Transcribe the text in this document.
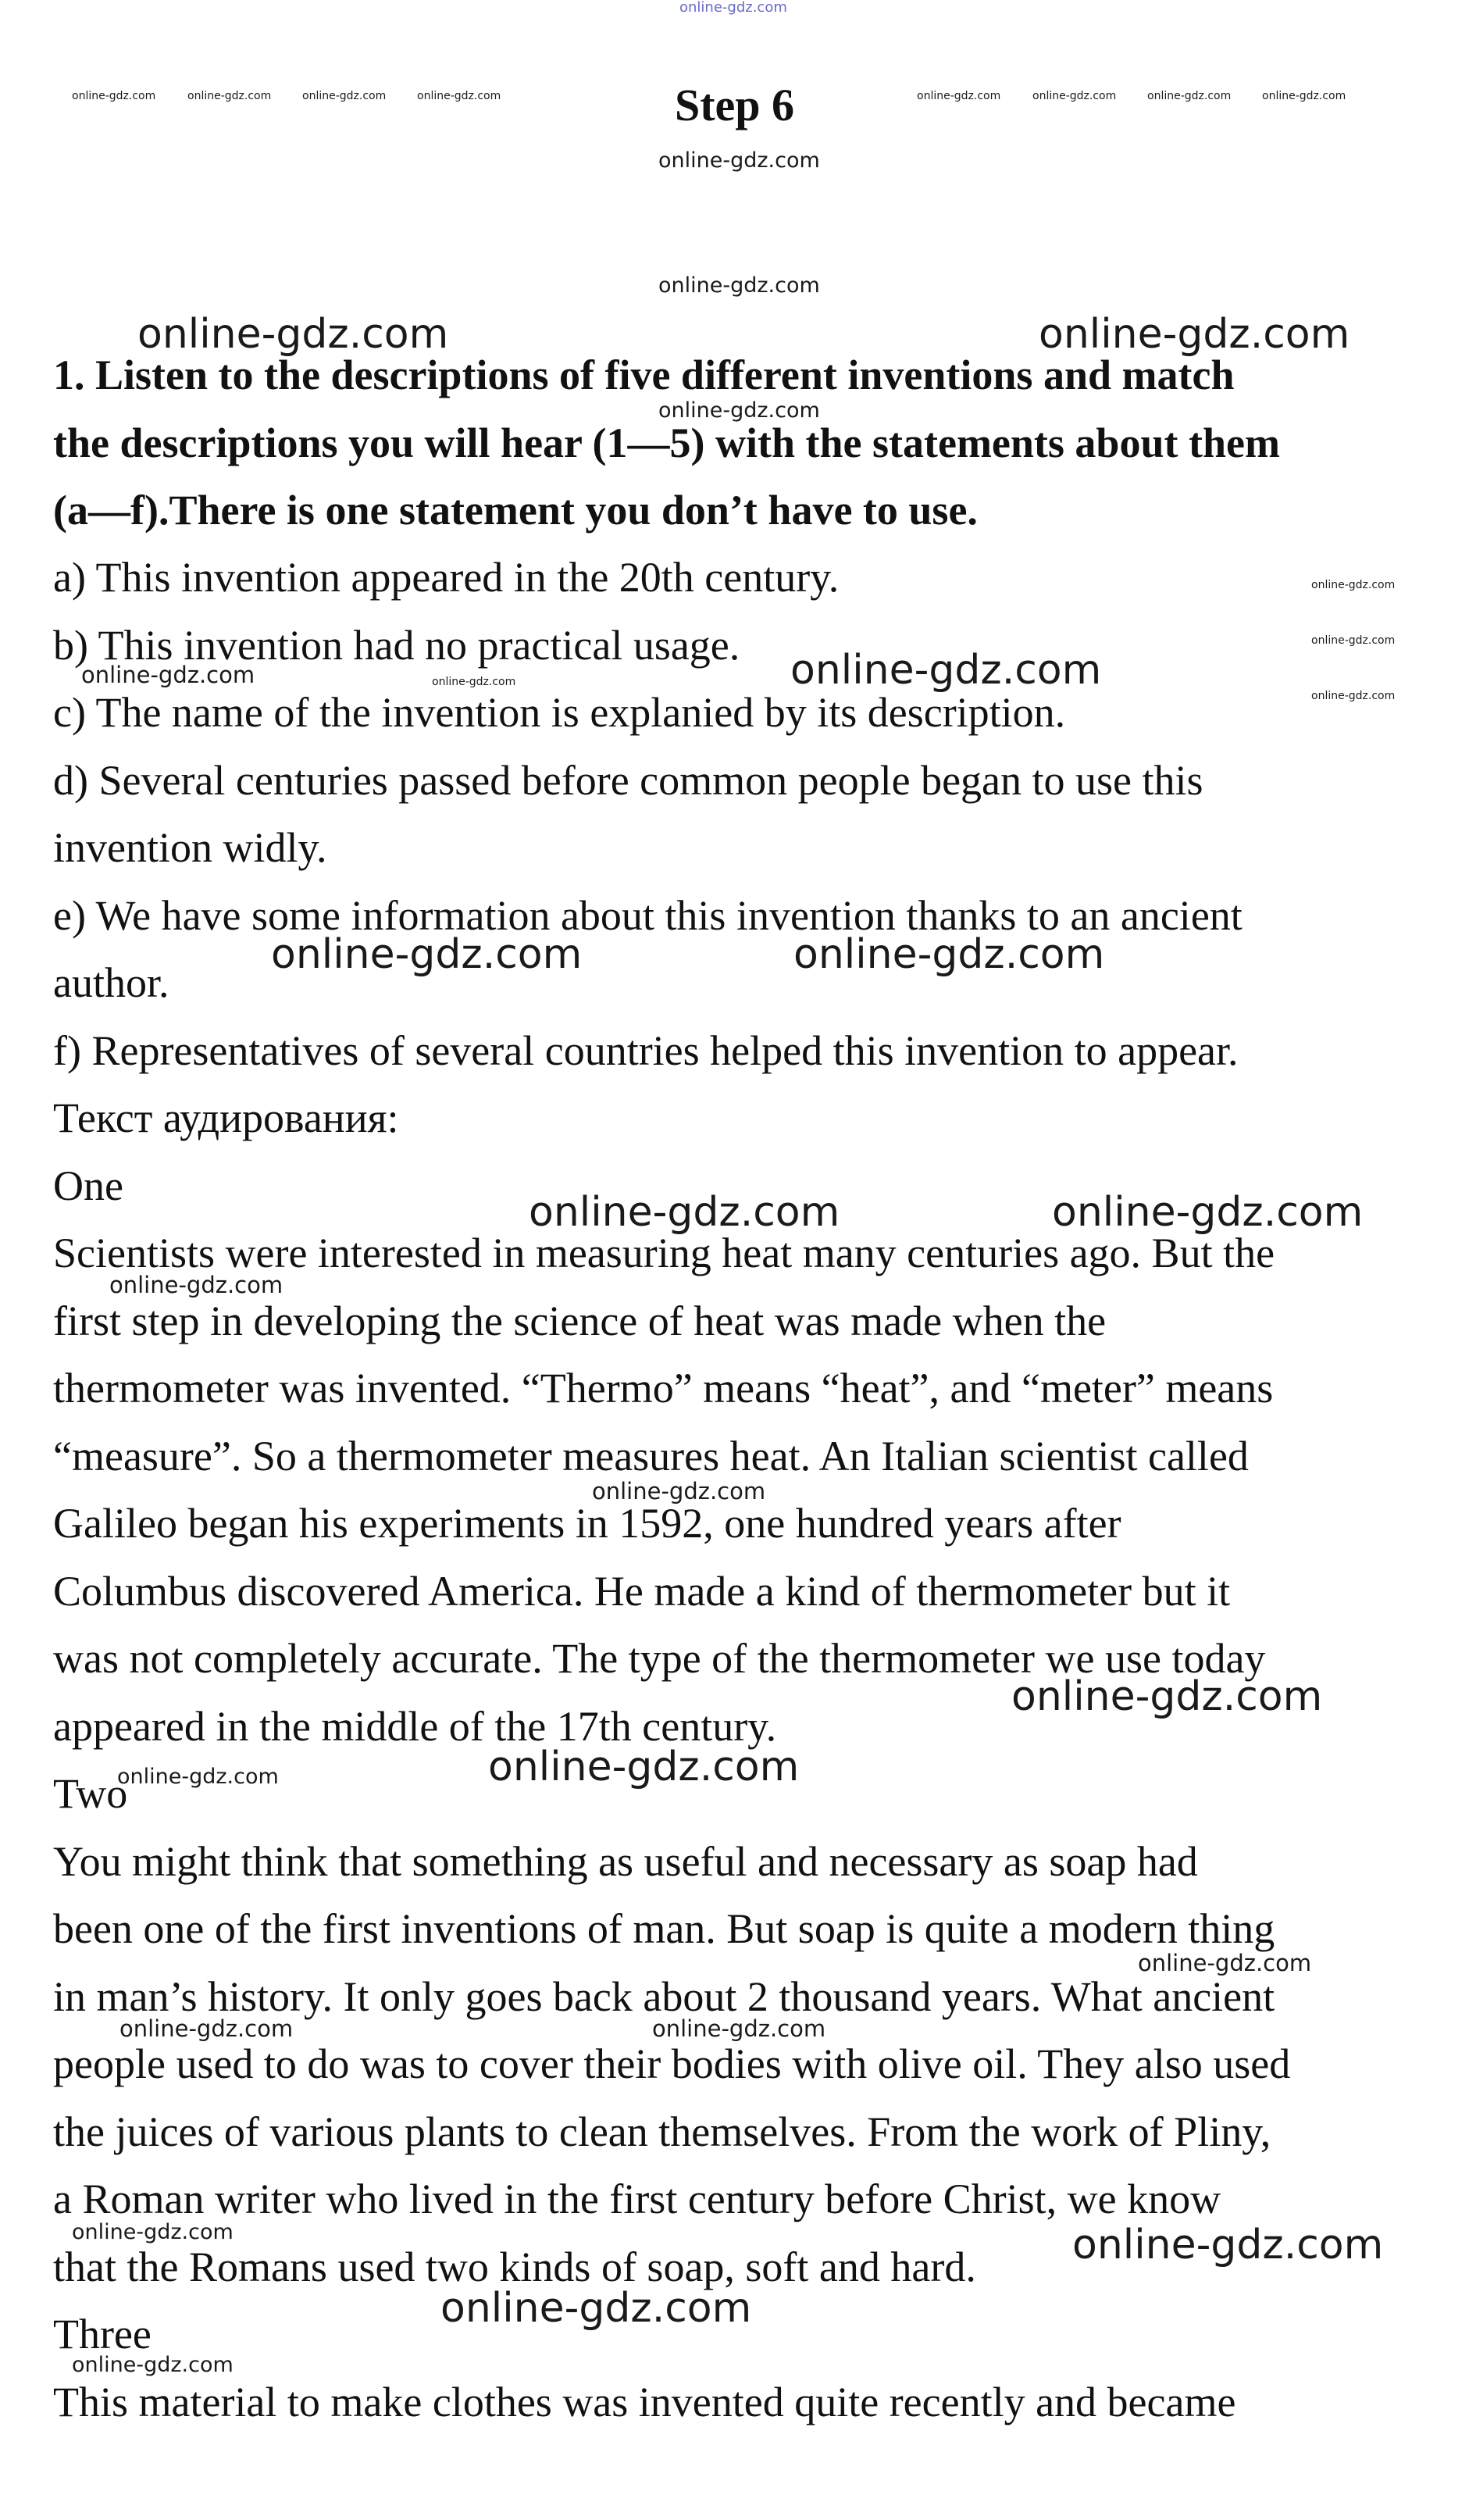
online-gdz.com
online-gdz.com	online-gdz.com	online-gdz.com	online-gdz.com	online-gdz.com	online-gdz.com	online-gdz.com	online-gdz.com
online-gdz.com
online-gdz.com
online-gdz.com	online-gdz.com
online-gdz.com
online-gdz.com
online-gdz.com
online-gdz.com
online-gdz.com
online-gdz.com	online-gdz.com
online-gdz.com	online-gdz.com
online-gdz.com	online-gdz.com
online-gdz.com
online-gdz.com
online-gdz.com
online-gdz.com
online-gdz.com
online-gdz.com
online-gdz.com	online-gdz.com
online-gdz.com	online-gdz.com
online-gdz.com
online-gdz.com
Step 6
1. Listen to the descriptions of five different inventions and match
the descriptions you will hear (1—5) with the statements about them
(a—f).There is one statement you don’t have to use.
a) This invention appeared in the 20th century.
b) This invention had no practical usage.
c) The name of the invention is explanied by its description.
d) Several centuries passed before common people began to use this
invention widly.
e) We have some information about this invention thanks to an ancient
author.
f) Representatives of several countries helped this invention to appear.
Текст аудирования:
One
Scientists were interested in measuring heat many centuries ago. But the
first step in developing the science of heat was made when the
thermometer was invented. “Thermo” means “heat”, and “meter” means
“measure”. So a thermometer measures heat. An Italian scientist called
Galileo began his experiments in 1592, one hundred years after
Columbus discovered America. He made a kind of thermometer but it
was not completely accurate. The type of the thermometer we use today
appeared in the middle of the 17th century.
Two
You might think that something as useful and necessary as soap had
been one of the first inventions of man. But soap is quite a modern thing
in man’s history. It only goes back about 2 thousand years. What ancient
people used to do was to cover their bodies with olive oil. They also used
the juices of various plants to clean themselves. From the work of Pliny,
a Roman writer who lived in the first century before Christ, we know
that the Romans used two kinds of soap, soft and hard.
Three
This material to make clothes was invented quite recently and became
